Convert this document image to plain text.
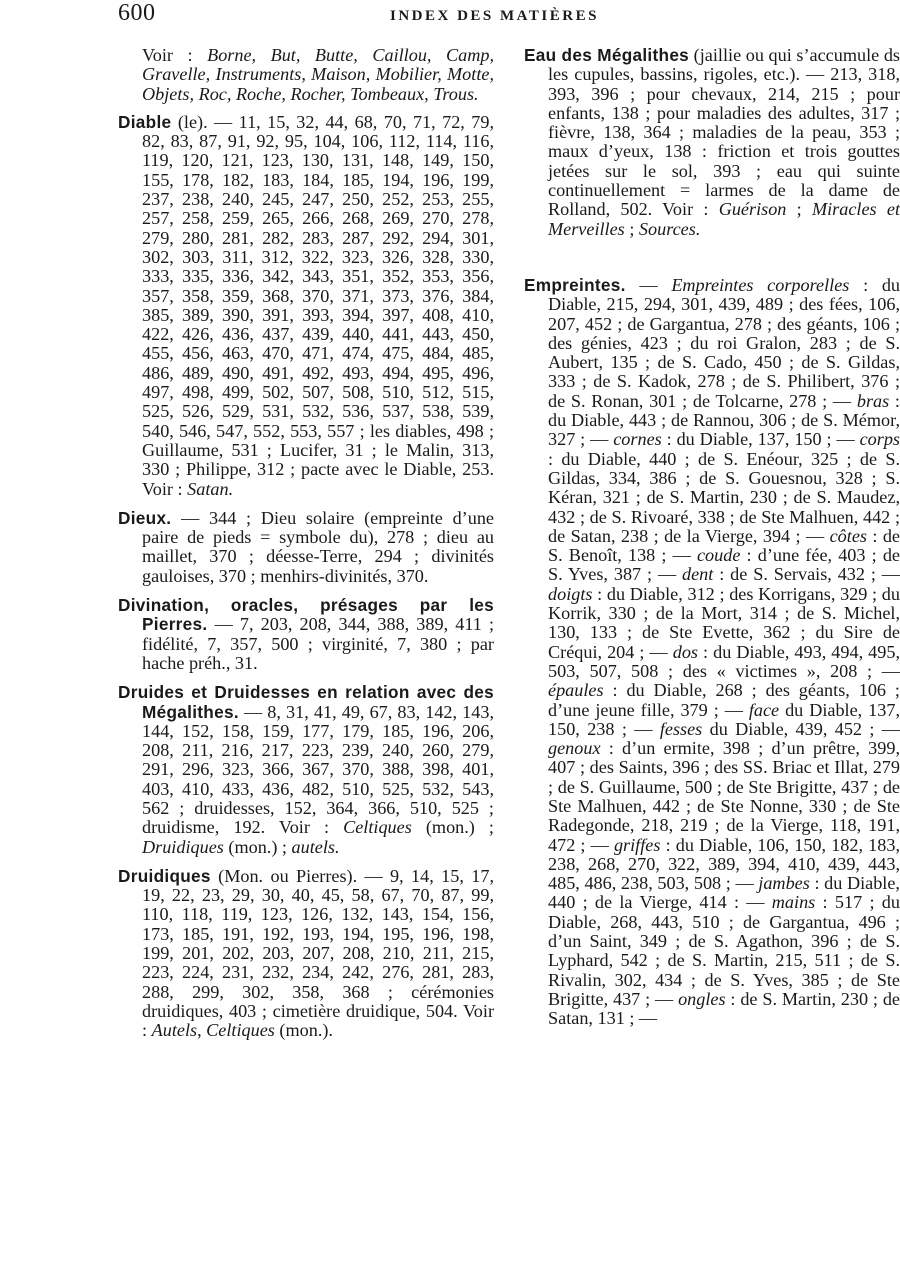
600	INDEX DES MATIÈRES

Voir : Borne, But, Butte, Caillou, Camp, Gravelle, Instruments, Maison, Mobilier, Motte, Objets, Roc, Roche, Rocher, Tombeaux, Trous.

Diable (le). — 11, 15, 32, 44, 68, 70, 71, 72, 79, 82, 83, 87, 91, 92, 95, 104, 106, 112, 114, 116, 119, 120, 121, 123, 130, 131, 148, 149, 150, 155, 178, 182, 183, 184, 185, 194, 196, 199, 237, 238, 240, 245, 247, 250, 252, 253, 255, 257, 258, 259, 265, 266, 268, 269, 270, 278, 279, 280, 281, 282, 283, 287, 292, 294, 301, 302, 303, 311, 312, 322, 323, 326, 328, 330, 333, 335, 336, 342, 343, 351, 352, 353, 356, 357, 358, 359, 368, 370, 371, 373, 376, 384, 385, 389, 390, 391, 393, 394, 397, 408, 410, 422, 426, 436, 437, 439, 440, 441, 443, 450, 455, 456, 463, 470, 471, 474, 475, 484, 485, 486, 489, 490, 491, 492, 493, 494, 495, 496, 497, 498, 499, 502, 507, 508, 510, 512, 515, 525, 526, 529, 531, 532, 536, 537, 538, 539, 540, 546, 547, 552, 553, 557 ; les diables, 498 ; Guillaume, 531 ; Lucifer, 31 ; le Malin, 313, 330 ; Philippe, 312 ; pacte avec le Diable, 253. Voir : Satan.

Dieux. — 344 ; Dieu solaire (empreinte d’une paire de pieds = symbole du), 278 ; dieu au maillet, 370 ; déesse-Terre, 294 ; divinités gauloises, 370 ; menhirs-divinités, 370.

Divination, oracles, présages par les Pierres. — 7, 203, 208, 344, 388, 389, 411 ; fidélité, 7, 357, 500 ; virginité, 7, 380 ; par hache préh., 31.

Druides et Druidesses en relation avec des Mégalithes. — 8, 31, 41, 49, 67, 83, 142, 143, 144, 152, 158, 159, 177, 179, 185, 196, 206, 208, 211, 216, 217, 223, 239, 240, 260, 279, 291, 296, 323, 366, 367, 370, 388, 398, 401, 403, 410, 433, 436, 482, 510, 525, 532, 543, 562 ; druidesses, 152, 364, 366, 510, 525 ; druidisme, 192. Voir : Celtiques (mon.) ; Druidiques (mon.) ; autels.

Druidiques (Mon. ou Pierres). — 9, 14, 15, 17, 19, 22, 23, 29, 30, 40, 45, 58, 67, 70, 87, 99, 110, 118, 119, 123, 126, 132, 143, 154, 156, 173, 185, 191, 192, 193, 194, 195, 196, 198, 199, 201, 202, 203, 207, 208, 210, 211, 215, 223, 224, 231, 232, 234, 242, 276, 281, 283, 288, 299, 302, 358, 368 ; cérémonies druidiques, 403 ; cimetière druidique, 504. Voir : Autels, Celtiques (mon.).

Eau des Mégalithes (jaillie ou qui s’accumule ds les cupules, bassins, rigoles, etc.). — 213, 318, 393, 396 ; pour chevaux, 214, 215 ; pour enfants, 138 ; pour maladies des adultes, 317 ; fièvre, 138, 364 ; maladies de la peau, 353 ; maux d’yeux, 138 : friction et trois gouttes jetées sur le sol, 393 ; eau qui suinte continuellement = larmes de la dame de Rolland, 502. Voir : Guérison ; Miracles et Merveilles ; Sources.

Empreintes. — Empreintes corporelles : du Diable, 215, 294, 301, 439, 489 ; des fées, 106, 207, 452 ; de Gargantua, 278 ; des géants, 106 ; des génies, 423 ; du roi Gralon, 283 ; de S. Aubert, 135 ; de S. Cado, 450 ; de S. Gildas, 333 ; de S. Kadok, 278 ; de S. Philibert, 376 ; de S. Ronan, 301 ; de Tolcarne, 278 ; — bras : du Diable, 443 ; de Rannou, 306 ; de S. Mémor, 327 ; — cornes : du Diable, 137, 150 ; — corps : du Diable, 440 ; de S. Enéour, 325 ; de S. Gildas, 334, 386 ; de S. Gouesnou, 328 ; S. Kéran, 321 ; de S. Martin, 230 ; de S. Maudez, 432 ; de S. Rivoaré, 338 ; de Ste Malhuen, 442 ; de Satan, 238 ; de la Vierge, 394 ; — côtes : de S. Benoît, 138 ; — coude : d’une fée, 403 ; de S. Yves, 387 ; — dent : de S. Servais, 432 ; — doigts : du Diable, 312 ; des Korrigans, 329 ; du Korrik, 330 ; de la Mort, 314 ; de S. Michel, 130, 133 ; de Ste Evette, 362 ; du Sire de Créqui, 204 ; — dos : du Diable, 493, 494, 495, 503, 507, 508 ; des « victimes », 208 ; — épaules : du Diable, 268 ; des géants, 106 ; d’une jeune fille, 379 ; — face du Diable, 137, 150, 238 ; — fesses du Diable, 439, 452 ; — genoux : d’un ermite, 398 ; d’un prêtre, 399, 407 ; des Saints, 396 ; des SS. Briac et Illat, 279 ; de S. Guillaume, 500 ; de Ste Brigitte, 437 ; de Ste Malhuen, 442 ; de Ste Nonne, 330 ; de Ste Radegonde, 218, 219 ; de la Vierge, 118, 191, 472 ; — griffes : du Diable, 106, 150, 182, 183, 238, 268, 270, 322, 389, 394, 410, 439, 443, 485, 486, 238, 503, 508 ; — jambes : du Diable, 440 ; de la Vierge, 414 : — mains : 517 ; du Diable, 268, 443, 510 ; de Gargantua, 496 ; d’un Saint, 349 ; de S. Agathon, 396 ; de S. Lyphard, 542 ; de S. Martin, 215, 511 ; de S. Rivalin, 302, 434 ; de S. Yves, 385 ; de Ste Brigitte, 437 ; — ongles : de S. Martin, 230 ; de Satan, 131 ; —
